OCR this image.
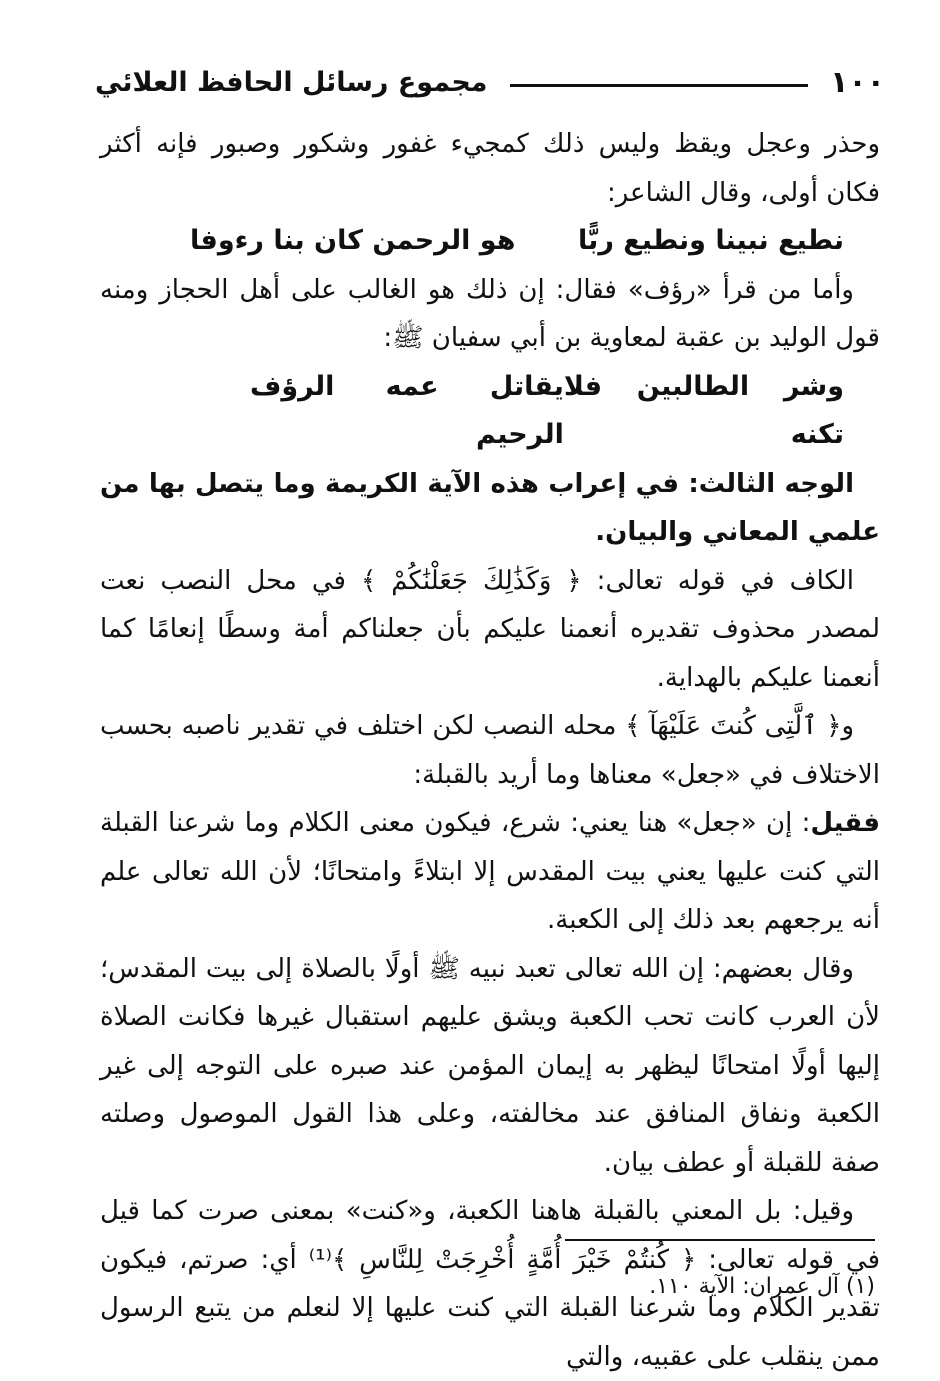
١٠٠
مجموع رسائل الحافظ العلائي

وحذر وعجل ويقظ وليس ذلك كمجيء غفور وشكور وصبور فإنه أكثر فكان أولى، وقال الشاعر:

نطيع نبينا ونطيع ربًّا
هو الرحمن كان بنا رءوفا

وأما من قرأ «رؤف» فقال: إن ذلك هو الغالب على أهل الحجاز ومنه قول الوليد بن عقبة لمعاوية بن أبي سفيان ﷺ:

وشر الطالبين فلا تكنه
يقاتل عمه الرؤف الرحيم

الوجه الثالث: في إعراب هذه الآية الكريمة وما يتصل بها من علمي المعاني والبيان.

الكاف في قوله تعالى: ﴿ وَكَذَٰلِكَ جَعَلْنَٰكُمْ ﴾ في محل النصب نعت لمصدر محذوف تقديره أنعمنا عليكم بأن جعلناكم أمة وسطًا إنعامًا كما أنعمنا عليكم بالهداية.

و﴿ ٱلَّتِى كُنتَ عَلَيْهَآ ﴾ محله النصب لكن اختلف في تقدير ناصبه بحسب الاختلاف في «جعل» معناها وما أريد بالقبلة:

فقيل: إن «جعل» هنا يعني: شرع، فيكون معنى الكلام وما شرعنا القبلة التي كنت عليها يعني بيت المقدس إلا ابتلاءً وامتحانًا؛ لأن الله تعالى علم أنه يرجعهم بعد ذلك إلى الكعبة.

وقال بعضهم: إن الله تعالى تعبد نبيه ﷺ أولًا بالصلاة إلى بيت المقدس؛ لأن العرب كانت تحب الكعبة ويشق عليهم استقبال غيرها فكانت الصلاة إليها أولًا امتحانًا ليظهر به إيمان المؤمن عند صبره على التوجه إلى غير الكعبة ونفاق المنافق عند مخالفته، وعلى هذا القول الموصول وصلته صفة للقبلة أو عطف بيان.

وقيل: بل المعني بالقبلة هاهنا الكعبة، و«كنت» بمعنى صرت كما قيل في قوله تعالى: ﴿ كُنتُمْ خَيْرَ أُمَّةٍ أُخْرِجَتْ لِلنَّاسِ ﴾⁽¹⁾ أي: صرتم، فيكون تقدير الكلام وما شرعنا القبلة التي كنت عليها إلا لنعلم من يتبع الرسول ممن ينقلب على عقبيه، والتي

(١) آل عمران: الآية ١١٠.
